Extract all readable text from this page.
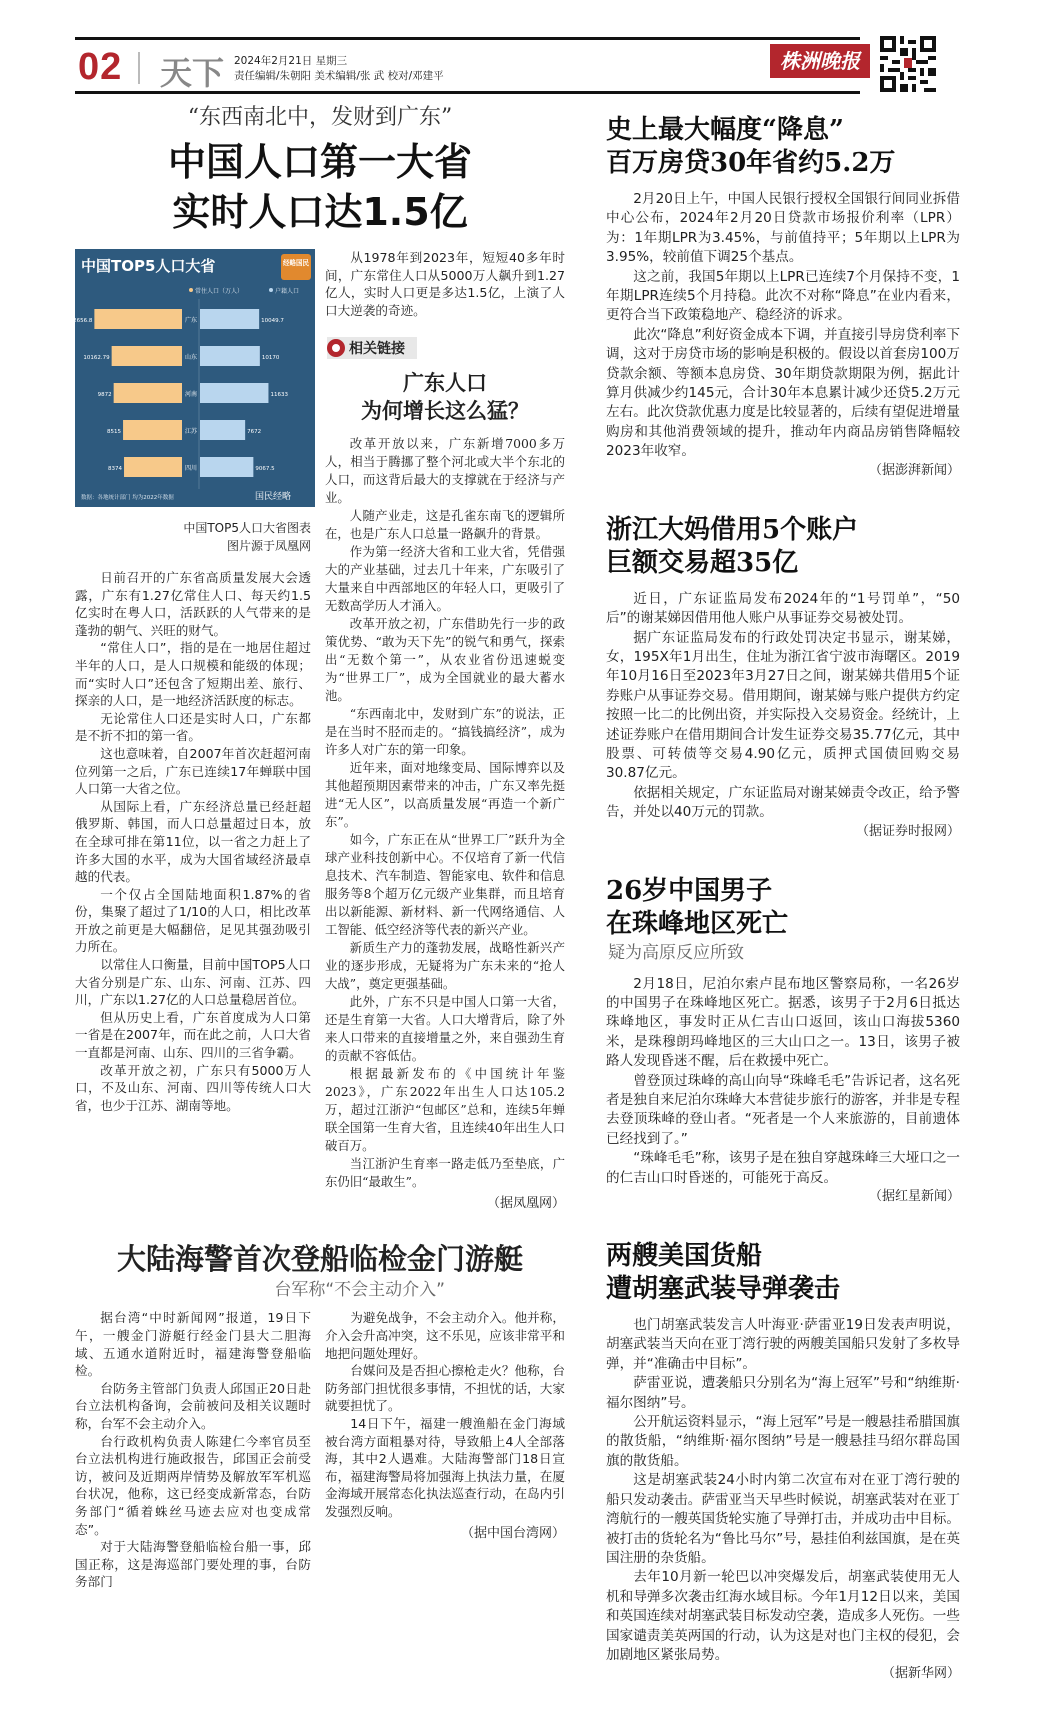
02 天下 2024年2月21日 星期三
责任编辑/朱朝阳 美术编辑/张 武 校对/邓建平
株洲晚报
“东西南北中，发财到广东”
中国人口第一大省
实时人口达1.5亿
中国TOP5人口大省	经略国民
常住人口（万人）	户籍人口
广东
12656.8	10049.7
山东
10162.79	10170
河南
9872	11633
江苏
8515	7672
四川
8374	9067.5
数据：各地统计部门 均为2022年数据	国民经略
中国TOP5人口大省图表
图片源于凤凰网

日前召开的广东省高质量发展大会透露，广东有1.27亿常住人口、每天约1.5亿实时在粤人口，活跃跃的人气带来的是蓬勃的朝气、兴旺的财气。

“常住人口”，指的是在一地居住超过半年的人口，是人口规模和能级的体现；而“实时人口”还包含了短期出差、旅行、探亲的人口，是一地经济活跃度的标志。

无论常住人口还是实时人口，广东都是不折不扣的第一省。

这也意味着，自2007年首次赶超河南位列第一之后，广东已连续17年蝉联中国人口第一大省之位。

从国际上看，广东经济总量已经赶超俄罗斯、韩国，而人口总量超过日本，放在全球可排在第11位，以一省之力赶上了许多大国的水平，成为大国省域经济最卓越的代表。

一个仅占全国陆地面积1.87%的省份，集聚了超过了1/10的人口，相比改革开放之前更是大幅翻倍，足见其强劲吸引力所在。

以常住人口衡量，目前中国TOP5人口大省分别是广东、山东、河南、江苏、四川，广东以1.27亿的人口总量稳居首位。

但从历史上看，广东首度成为人口第一省是在2007年，而在此之前，人口大省一直都是河南、山东、四川的三省争霸。

改革开放之初，广东只有5000万人口，不及山东、河南、四川等传统人口大省，也少于江苏、湖南等地。

从1978年到2023年，短短40多年时间，广东常住人口从5000万人飙升到1.27亿人，实时人口更是多达1.5亿，上演了人口大逆袭的奇迹。

相关链接
广东人口
为何增长这么猛？

改革开放以来，广东新增7000多万人，相当于腾挪了整个河北或大半个东北的人口，而这背后最大的支撑就在于经济与产业。

人随产业走，这是孔雀东南飞的逻辑所在，也是广东人口总量一路飙升的背景。

作为第一经济大省和工业大省，凭借强大的产业基础，过去几十年来，广东吸引了大量来自中西部地区的年轻人口，更吸引了无数高学历人才涌入。

改革开放之初，广东借助先行一步的政策优势、“敢为天下先”的锐气和勇气，探索出“无数个第一”，从农业省份迅速蜕变为“世界工厂”，成为全国就业的最大蓄水池。

“东西南北中，发财到广东”的说法，正是在当时不胫而走的。“搞钱搞经济”，成为许多人对广东的第一印象。

近年来，面对地缘变局、国际博弈以及其他超预期因素带来的冲击，广东又率先挺进“无人区”，以高质量发展“再造一个新广东”。

如今，广东正在从“世界工厂”跃升为全球产业科技创新中心。不仅培育了新一代信息技术、汽车制造、智能家电、软件和信息服务等8个超万亿元级产业集群，而且培育出以新能源、新材料、新一代网络通信、人工智能、低空经济等代表的新兴产业。

新质生产力的蓬勃发展，战略性新兴产业的逐步形成，无疑将为广东未来的“抢人大战”，奠定更强基础。

此外，广东不只是中国人口第一大省，还是生育第一大省。人口大增背后，除了外来人口带来的直接增量之外，来自强劲生育的贡献不容低估。

根据最新发布的《中国统计年鉴2023》，广东2022年出生人口达105.2万，超过江浙沪“包邮区”总和，连续5年蝉联全国第一生育大省，且连续40年出生人口破百万。

当江浙沪生育率一路走低乃至垫底，广东仍旧“最敢生”。

（据凤凰网）
大陆海警首次登船临检金门游艇
台军称“不会主动介入”

据台湾“中时新闻网”报道，19日下午，一艘金门游艇行经金门县大二胆海域、五通水道附近时，福建海警登船临检。

台防务主管部门负责人邱国正20日赴台立法机构备询，会前被问及相关议题时称，台军不会主动介入。

台行政机构负责人陈建仁今率官员至台立法机构进行施政报告，邱国正会前受访，被问及近期两岸情势及解放军军机巡台状况，他称，这已经变成新常态，台防务部门“循着蛛丝马迹去应对也变成常态”。

对于大陆海警登船临检台船一事，邱国正称，这是海巡部门要处理的事，台防务部门

为避免战争，不会主动介入。他并称，介入会升高冲突，这不乐见，应该非常平和地把问题处理好。

台媒问及是否担心擦枪走火？他称，台防务部门担忧很多事情，不担忧的话，大家就要担忧了。

14日下午，福建一艘渔船在金门海域被台湾方面粗暴对待，导致船上4人全部落海，其中2人遇难。大陆海警部门18日宣布，福建海警局将加强海上执法力量，在厦金海域开展常态化执法巡查行动，在岛内引发强烈反响。

（据中国台湾网）
史上最大幅度“降息”
百万房贷30年省约5.2万

2月20日上午，中国人民银行授权全国银行间同业拆借中心公布，2024年2月20日贷款市场报价利率（LPR）为：1年期LPR为3.45%，与前值持平；5年期以上LPR为3.95%，较前值下调25个基点。

这之前，我国5年期以上LPR已连续7个月保持不变，1年期LPR连续5个月持稳。此次不对称“降息”在业内看来，更符合当下政策稳地产、稳经济的诉求。

此次“降息”利好资金成本下调，并直接引导房贷利率下调，这对于房贷市场的影响是积极的。假设以首套房100万贷款余额、等额本息房贷、30年期贷款期限为例，据此计算月供减少约145元，合计30年本息累计减少还贷5.2万元左右。此次贷款优惠力度是比较显著的，后续有望促进增量购房和其他消费领域的提升，推动年内商品房销售降幅较2023年收窄。

（据澎湃新闻）
浙江大妈借用5个账户
巨额交易超35亿

近日，广东证监局发布2024年的“1号罚单”，“50后”的谢某娣因借用他人账户从事证券交易被处罚。

据广东证监局发布的行政处罚决定书显示，谢某娣，女，195X年1月出生，住址为浙江省宁波市海曙区。2019年10月16日至2023年3月27日之间，谢某娣共借用5个证券账户从事证券交易。借用期间，谢某娣与账户提供方约定按照一比二的比例出资，并实际投入交易资金。经统计，上述证券账户在借用期间合计发生证券交易35.77亿元，其中股票、可转债等交易4.90亿元，质押式国债回购交易30.87亿元。

依据相关规定，广东证监局对谢某娣责令改正，给予警告，并处以40万元的罚款。

（据证券时报网）
26岁中国男子
在珠峰地区死亡
疑为高原反应所致

2月18日，尼泊尔索卢昆布地区警察局称，一名26岁的中国男子在珠峰地区死亡。据悉，该男子于2月6日抵达珠峰地区，事发时正从仁吉山口返回，该山口海拔5360米，是珠穆朗玛峰地区的三大山口之一。13日，该男子被路人发现昏迷不醒，后在救援中死亡。

曾登顶过珠峰的高山向导“珠峰毛毛”告诉记者，这名死者是独自来尼泊尔珠峰大本营徒步旅行的游客，并非是专程去登顶珠峰的登山者。“死者是一个人来旅游的，目前遗体已经找到了。”

“珠峰毛毛”称，该男子是在独自穿越珠峰三大垭口之一的仁吉山口时昏迷的，可能死于高反。

（据红星新闻）
两艘美国货船
遭胡塞武装导弹袭击

也门胡塞武装发言人叶海亚·萨雷亚19日发表声明说，胡塞武装当天向在亚丁湾行驶的两艘美国船只发射了多枚导弹，并“准确击中目标”。

萨雷亚说，遭袭船只分别名为“海上冠军”号和“纳维斯·福尔图纳”号。

公开航运资料显示，“海上冠军”号是一艘悬挂希腊国旗的散货船，“纳维斯·福尔图纳”号是一艘悬挂马绍尔群岛国旗的散货船。

这是胡塞武装24小时内第二次宣布对在亚丁湾行驶的船只发动袭击。萨雷亚当天早些时候说，胡塞武装对在亚丁湾航行的一艘英国货轮实施了导弹打击，并成功击中目标。被打击的货轮名为“鲁比马尔”号，悬挂伯利兹国旗，是在英国注册的杂货船。

去年10月新一轮巴以冲突爆发后，胡塞武装使用无人机和导弹多次袭击红海水域目标。今年1月12日以来，美国和英国连续对胡塞武装目标发动空袭，造成多人死伤。一些国家谴责美英两国的行动，认为这是对也门主权的侵犯，会加剧地区紧张局势。

（据新华网）
